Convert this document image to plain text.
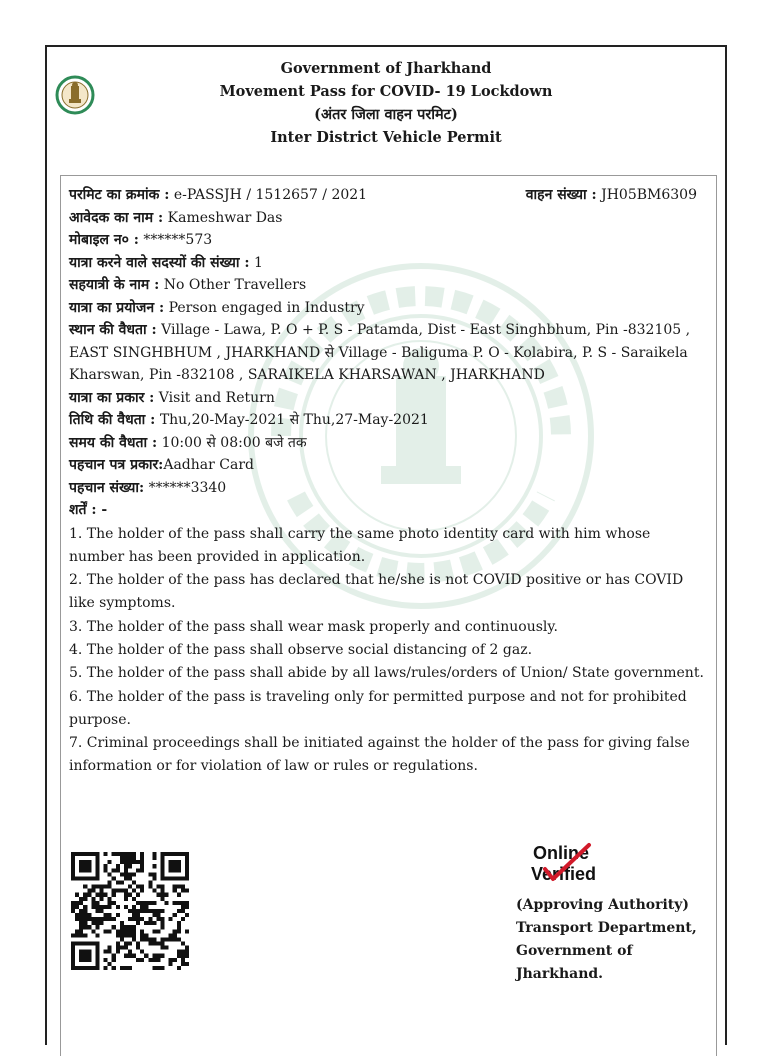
Government of Jharkhand
Movement Pass for COVID- 19 Lockdown
(अंतर जिला वाहन परमिट)
Inter District Vehicle Permit
परमिट का क्रमांक : e-PASSJH / 1512657 / 2021	वाहन संख्या : JH05BM6309
आवेदक का नाम : Kameshwar Das
मोबाइल न० : ******573
यात्रा करने वाले सदस्यों की संख्या : 1
सहयात्री के नाम : No Other Travellers
यात्रा का प्रयोजन : Person engaged in Industry
स्थान की वैधता : Village - Lawa, P. O + P. S - Patamda, Dist - East Singhbhum, Pin -832105 , EAST SINGHBHUM , JHARKHAND से Village - Baliguma P. O - Kolabira, P. S - Saraikela Kharswan, Pin -832108 , SARAIKELA KHARSAWAN , JHARKHAND
यात्रा का प्रकार : Visit and Return
तिथि की वैधता : Thu,20-May-2021 से Thu,27-May-2021
समय की वैधता : 10:00 से 08:00 बजे तक
पहचान पत्र प्रकार:Aadhar Card
पहचान संख्या: ******3340
शर्तें : -
1. The holder of the pass shall carry the same photo identity card with him whose number has been provided in application.
2. The holder of the pass has declared that he/she is not COVID positive or has COVID like symptoms.
3. The holder of the pass shall wear mask properly and continuously.
4. The holder of the pass shall observe social distancing of 2 gaz.
5. The holder of the pass shall abide by all laws/rules/orders of Union/ State government.
6. The holder of the pass is traveling only for permitted purpose and not for prohibited purpose.
7. Criminal proceedings shall be initiated against the holder of the pass for giving false information or for violation of law or rules or regulations.
Online
Verified
(Approving Authority)
Transport Department,
Government of
Jharkhand.
